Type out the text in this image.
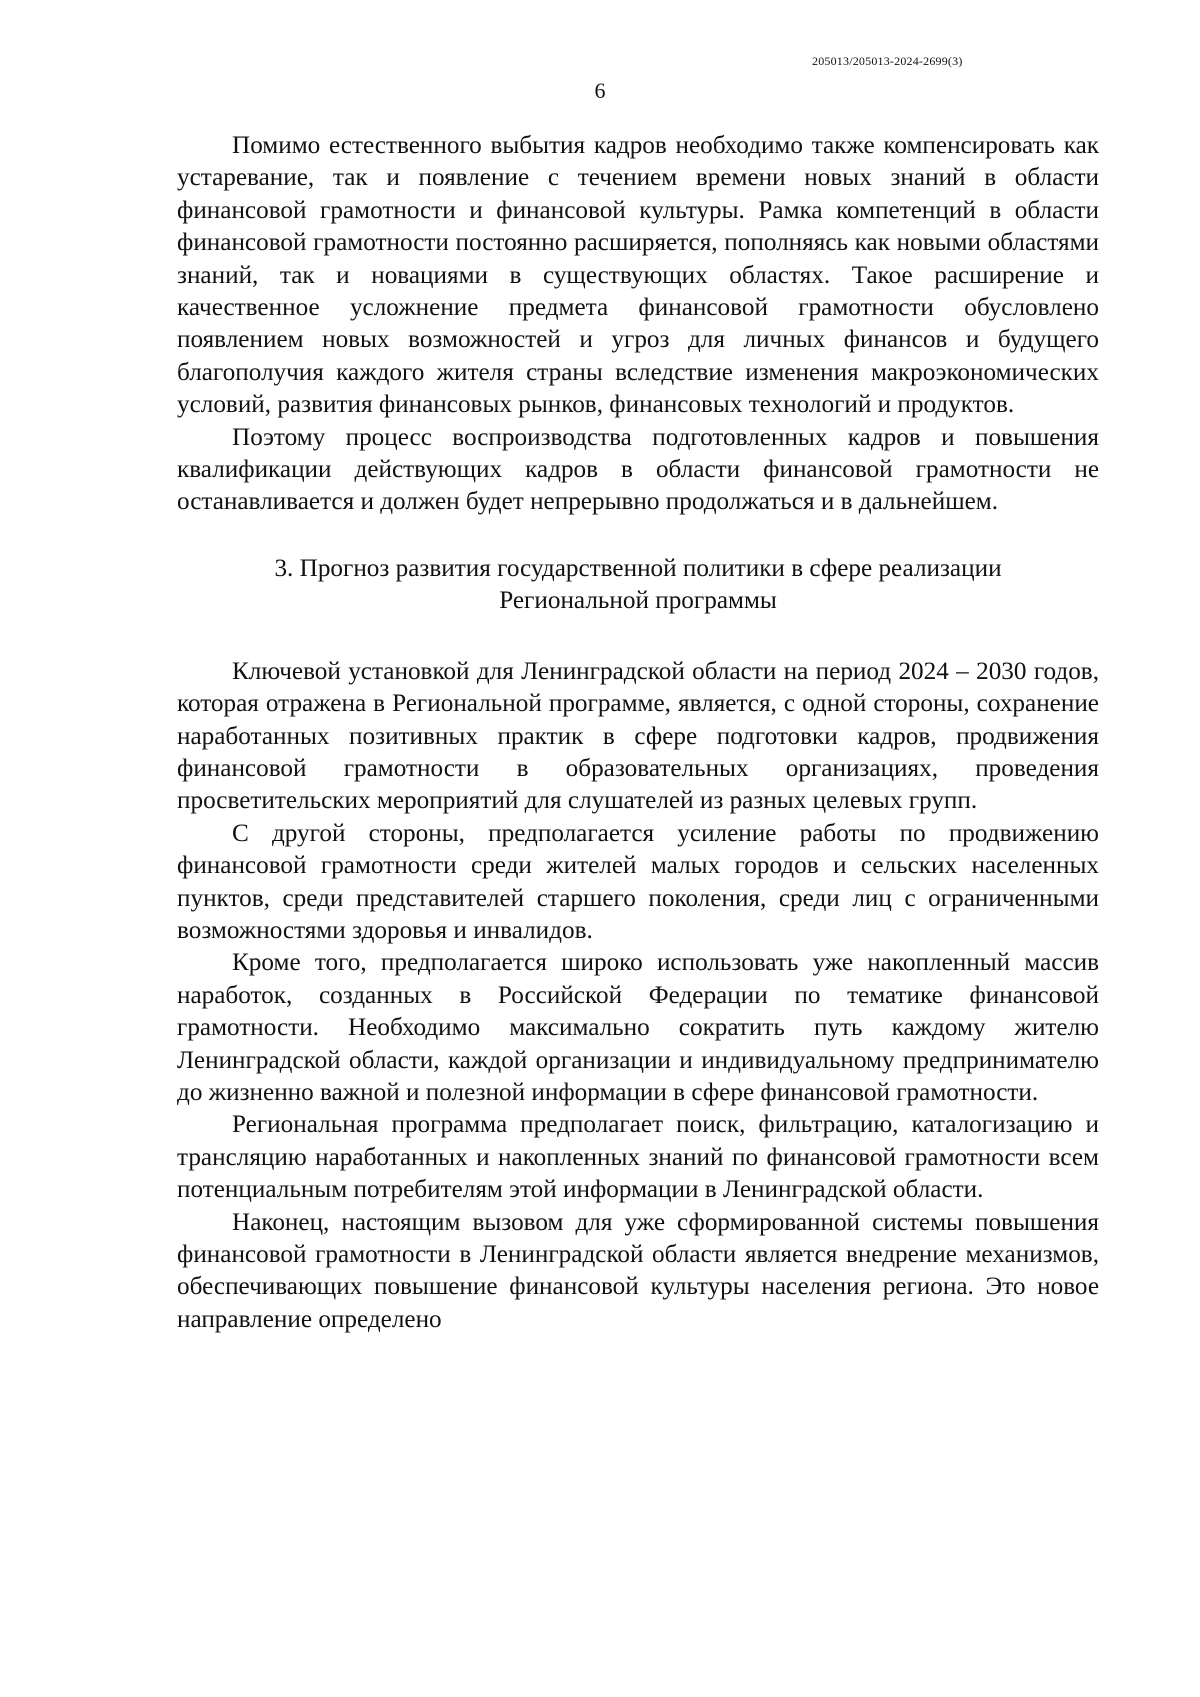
205013/205013-2024-2699(3)
6

Помимо естественного выбытия кадров необходимо также компенсировать как устаревание, так и появление с течением времени новых знаний в области финансовой грамотности и финансовой культуры. Рамка компетенций в области финансовой грамотности постоянно расширяется, пополняясь как новыми областями знаний, так и новациями в существующих областях. Такое расширение и качественное усложнение предмета финансовой грамотности обусловлено появлением новых возможностей и угроз для личных финансов и будущего благополучия каждого жителя страны вследствие изменения макроэкономических условий, развития финансовых рынков, финансовых технологий и продуктов.

Поэтому процесс воспроизводства подготовленных кадров и повышения квалификации действующих кадров в области финансовой грамотности не останавливается и должен будет непрерывно продолжаться и в дальнейшем.

3. Прогноз развития государственной политики в сфере реализации
Региональной программы

Ключевой установкой для Ленинградской области на период 2024 – 2030 годов, которая отражена в Региональной программе, является, с одной стороны, сохранение наработанных позитивных практик в сфере подготовки кадров, продвижения финансовой грамотности в образовательных организациях, проведения просветительских мероприятий для слушателей из разных целевых групп.

С другой стороны, предполагается усиление работы по продвижению финансовой грамотности среди жителей малых городов и сельских населенных пунктов, среди представителей старшего поколения, среди лиц с ограниченными возможностями здоровья и инвалидов.

Кроме того, предполагается широко использовать уже накопленный массив наработок, созданных в Российской Федерации по тематике финансовой грамотности. Необходимо максимально сократить путь каждому жителю Ленинградской области, каждой организации и индивидуальному предпринимателю до жизненно важной и полезной информации в сфере финансовой грамотности.

Региональная программа предполагает поиск, фильтрацию, каталогизацию и трансляцию наработанных и накопленных знаний по финансовой грамотности всем потенциальным потребителям этой информации в Ленинградской области.

Наконец, настоящим вызовом для уже сформированной системы повышения финансовой грамотности в Ленинградской области является внедрение механизмов, обеспечивающих повышение финансовой культуры населения региона. Это новое направление определено
